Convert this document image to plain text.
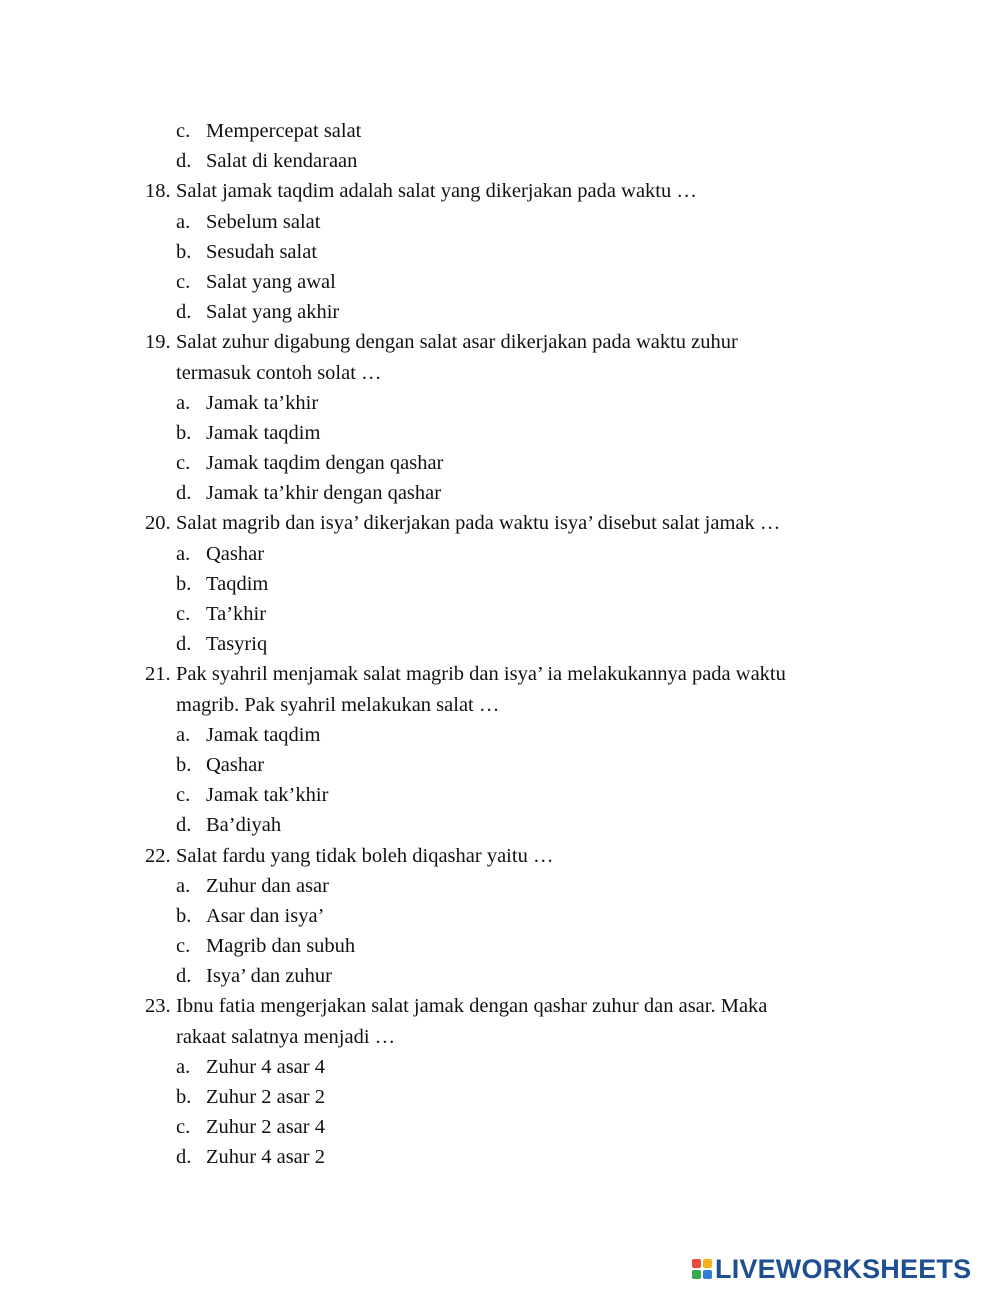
c. Mempercepat salat
d. Salat di kendaraan
18. Salat jamak taqdim adalah salat yang dikerjakan pada waktu …
a. Sebelum salat
b. Sesudah salat
c. Salat yang awal
d. Salat yang akhir
19. Salat zuhur digabung dengan salat asar dikerjakan pada waktu zuhur
termasuk contoh solat …
a. Jamak ta’khir
b. Jamak taqdim
c. Jamak taqdim dengan qashar
d. Jamak ta’khir dengan qashar
20. Salat magrib dan isya’ dikerjakan pada waktu isya’ disebut salat jamak …
a. Qashar
b. Taqdim
c. Ta’khir
d. Tasyriq
21. Pak syahril menjamak salat magrib dan isya’ ia melakukannya pada waktu
magrib. Pak syahril melakukan salat …
a. Jamak taqdim
b. Qashar
c. Jamak tak’khir
d. Ba’diyah
22. Salat fardu yang tidak boleh diqashar yaitu …
a. Zuhur dan asar
b. Asar dan isya’
c. Magrib dan subuh
d. Isya’ dan zuhur
23. Ibnu fatia mengerjakan salat jamak dengan qashar zuhur dan asar. Maka
rakaat salatnya menjadi …
a. Zuhur 4 asar 4
b. Zuhur 2 asar 2
c. Zuhur 2 asar 4
d. Zuhur 4 asar 2
LIVEWORKSHEETS
